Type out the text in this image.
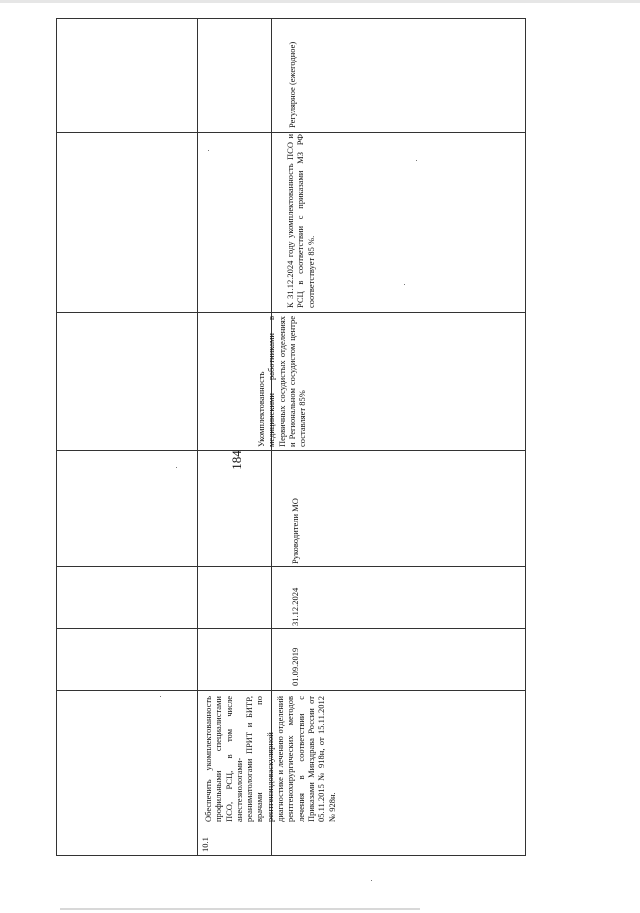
184
10.1
Обеспечить укомплектованность профильными специалистами ПСО, РСЦ, в том числе анестезиологами-реаниматологами ПРИТ и БИТР, врачами по рентгенэндоваскулярной диагностике и лечению отделений рентгенохирургических методов лечения в соответствии с Приказами Минздрава России от 05.11.2015 № 918н, от 15.11.2012 № 928н.
01.09.2019
31.12.2024
Руководители МО
Укомплектованность медицинскими работниками в Первичных сосудистых отделениях и Региональном сосудистом центре составляет 85%
К 31.12.2024 году укомплектованность ПСО и РСЦ в соответствии с приказами МЗ РФ соответствует 85 %.
Регулярное (ежегодное)
